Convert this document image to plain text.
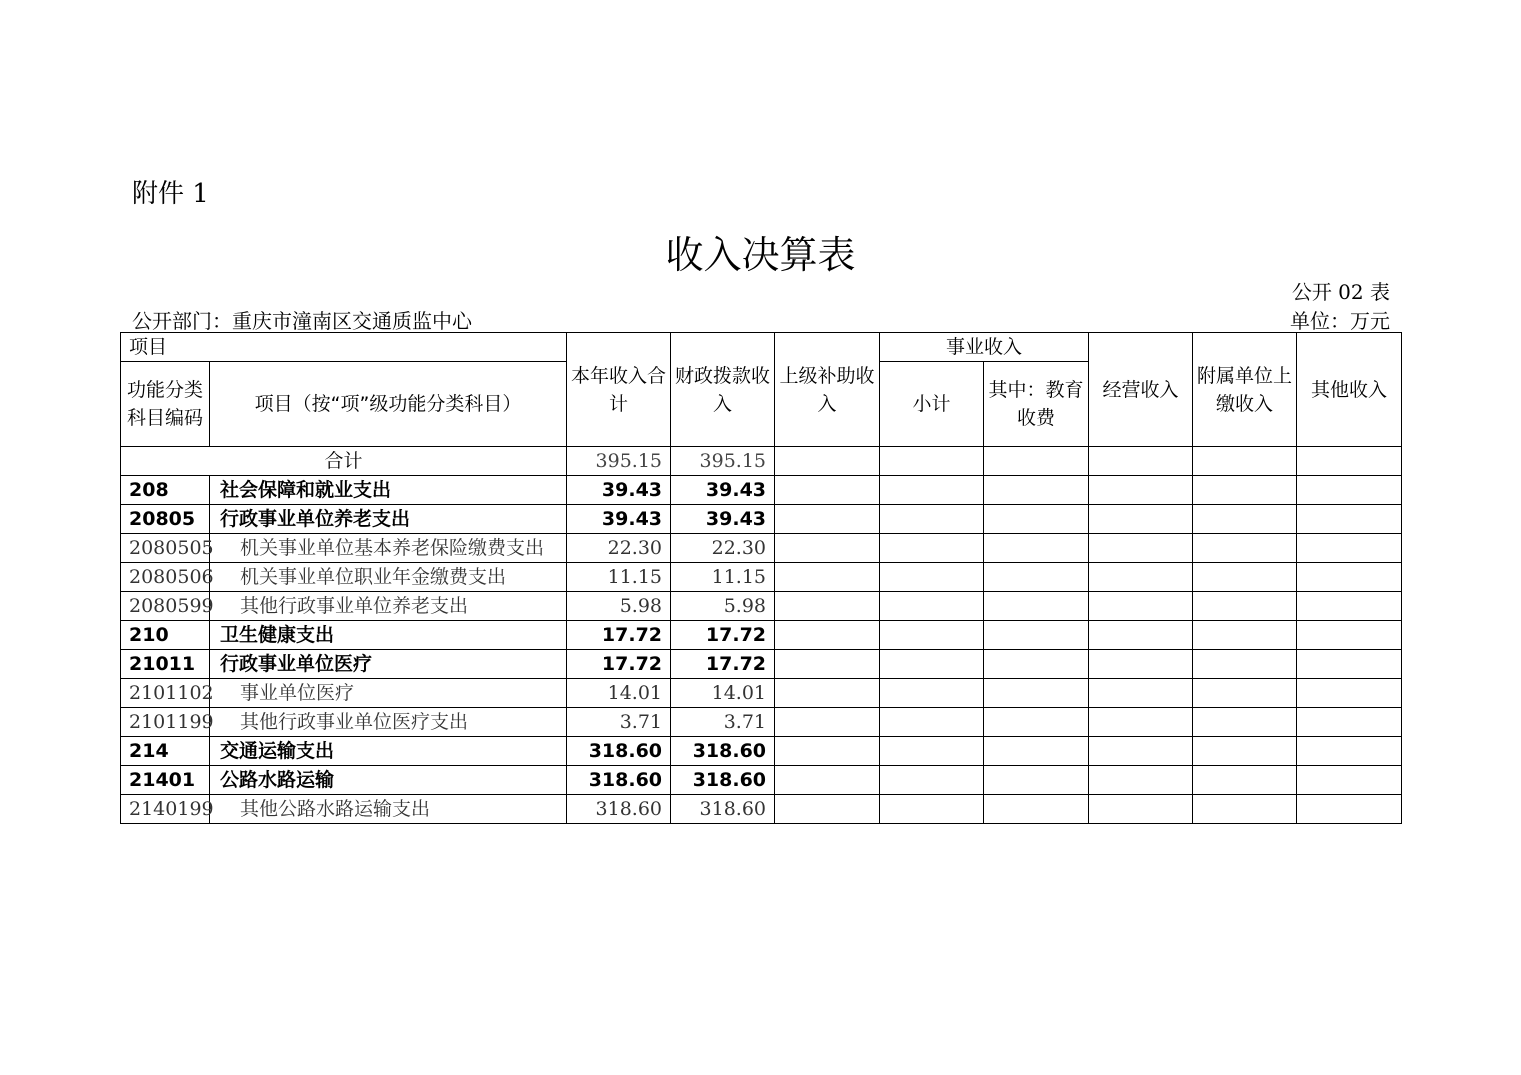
附件 1
收入决算表
公开 02 表
公开部门：重庆市潼南区交通质监中心	单位：万元
项目		本年收入合计	财政拨款收入	上级补助收入	事业收入		经营收入	附属单位上缴收入	其他收入
功能分类科目编码	项目（按“项”级功能分类科目）				小计	其中：教育收费			
合计		395.15	395.15						
208	社会保障和就业支出	39.43	39.43						
20805	行政事业单位养老支出	39.43	39.43						
2080505	机关事业单位基本养老保险缴费支出	22.30	22.30						
2080506	机关事业单位职业年金缴费支出	11.15	11.15						
2080599	其他行政事业单位养老支出	5.98	5.98						
210	卫生健康支出	17.72	17.72						
21011	行政事业单位医疗	17.72	17.72						
2101102	事业单位医疗	14.01	14.01						
2101199	其他行政事业单位医疗支出	3.71	3.71						
214	交通运输支出	318.60	318.60						
21401	公路水路运输	318.60	318.60						
2140199	其他公路水路运输支出	318.60	318.60						
